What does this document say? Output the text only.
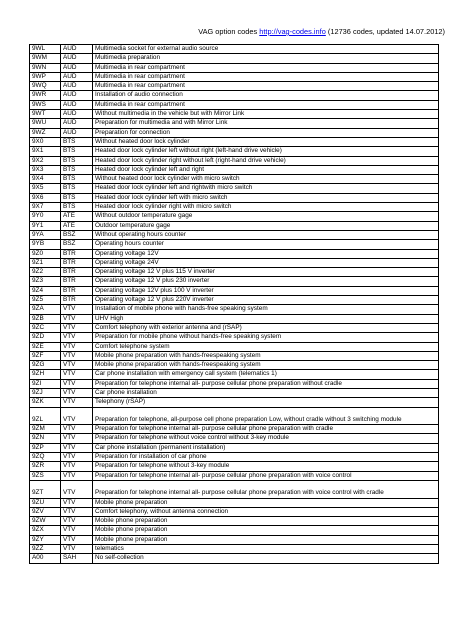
VAG option codes http://vag-codes.info (12736 codes, updated 14.07.2012)
9WL	AUD	Multimedia socket for external audio source
9WM	AUD	Multimedia preparation
9WN	AUD	Multimedia in rear compartment
9WP	AUD	Multimedia in rear compartment
9WQ	AUD	Multimedia in rear compartment
9WR	AUD	Installation of audio connection
9WS	AUD	Multimedia in rear compartment
9WT	AUD	Without multimedia in the vehicle but with Mirror Link
9WU	AUD	Preparation for multimedia and with Mirror Link
9WZ	AUD	Preparation for connection
9X0	BTS	Without heated door lock cylinder
9X1	BTS	Heated door lock cylinder left without right (left-hand drive vehicle)
9X2	BTS	Heated door lock cylinder right without left (right-hand drive vehicle)
9X3	BTS	Heated door lock cylinder left and right
9X4	BTS	Without heated door lock cylinder with micro switch
9X5	BTS	Heated door lock cylinder left and rightwith micro switch
9X6	BTS	Heated door lock cylinder left with micro switch
9X7	BTS	Heated door lock cylinder right with micro switch
9Y0	ATE	Without outdoor temperature gage
9Y1	ATE	Outdoor temperature gage
9YA	BSZ	Without operating hours counter
9YB	BSZ	Operating hours counter
9Z0	BTR	Operating voltage 12V
9Z1	BTR	Operating voltage 24V
9Z2	BTR	Operating voltage 12 V plus 115 V inverter
9Z3	BTR	Operating voltage 12 V plus 230 inverter
9Z4	BTR	Operating voltage 12V plus 100 V inverter
9Z5	BTR	Operating voltage 12 V plus 220V inverter
9ZA	VTV	Installation of mobile phone with hands-free speaking system
9ZB	VTV	UHV High
9ZC	VTV	Comfort telephony with exterior antenna and (rSAP)
9ZD	VTV	Preparation for mobile phone without hands-free speaking system
9ZE	VTV	Comfort telephone system
9ZF	VTV	Mobile phone preparation with hands-freespeaking system
9ZG	VTV	Mobile phone preparation with hands-freespeaking system
9ZH	VTV	Car phone installation with emergency call system (telematics 1)
9ZI	VTV	Preparation for telephone internal all- purpose cellular phone preparation without cradle
9ZJ	VTV	Car phone installation
9ZK	VTV	Telephony (rSAP)
9ZL	VTV	Preparation for telephone, all-purpose cell phone preparation Low, without cradle without 3 switching module
9ZM	VTV	Preparation for telephone internal all- purpose cellular phone preparation with cradle
9ZN	VTV	Preparation for telephone without voice control without 3-key module
9ZP	VTV	Car phone installation (permanent installation)
9ZQ	VTV	Preparation for installation of car phone
9ZR	VTV	Preparation for telephone without 3-key module
9ZS	VTV	Preparation for telephone internal all- purpose cellular phone preparation with voice control
9ZT	VTV	Preparation for telephone internal all- purpose cellular phone preparation with voice control with cradle
9ZU	VTV	Mobile phone preparation
9ZV	VTV	Comfort telephony, without antenna connection
9ZW	VTV	Mobile phone preparation
9ZX	VTV	Mobile phone preparation
9ZY	VTV	Mobile phone preparation
9ZZ	VTV	telematics
A00	SAH	No self-collection
